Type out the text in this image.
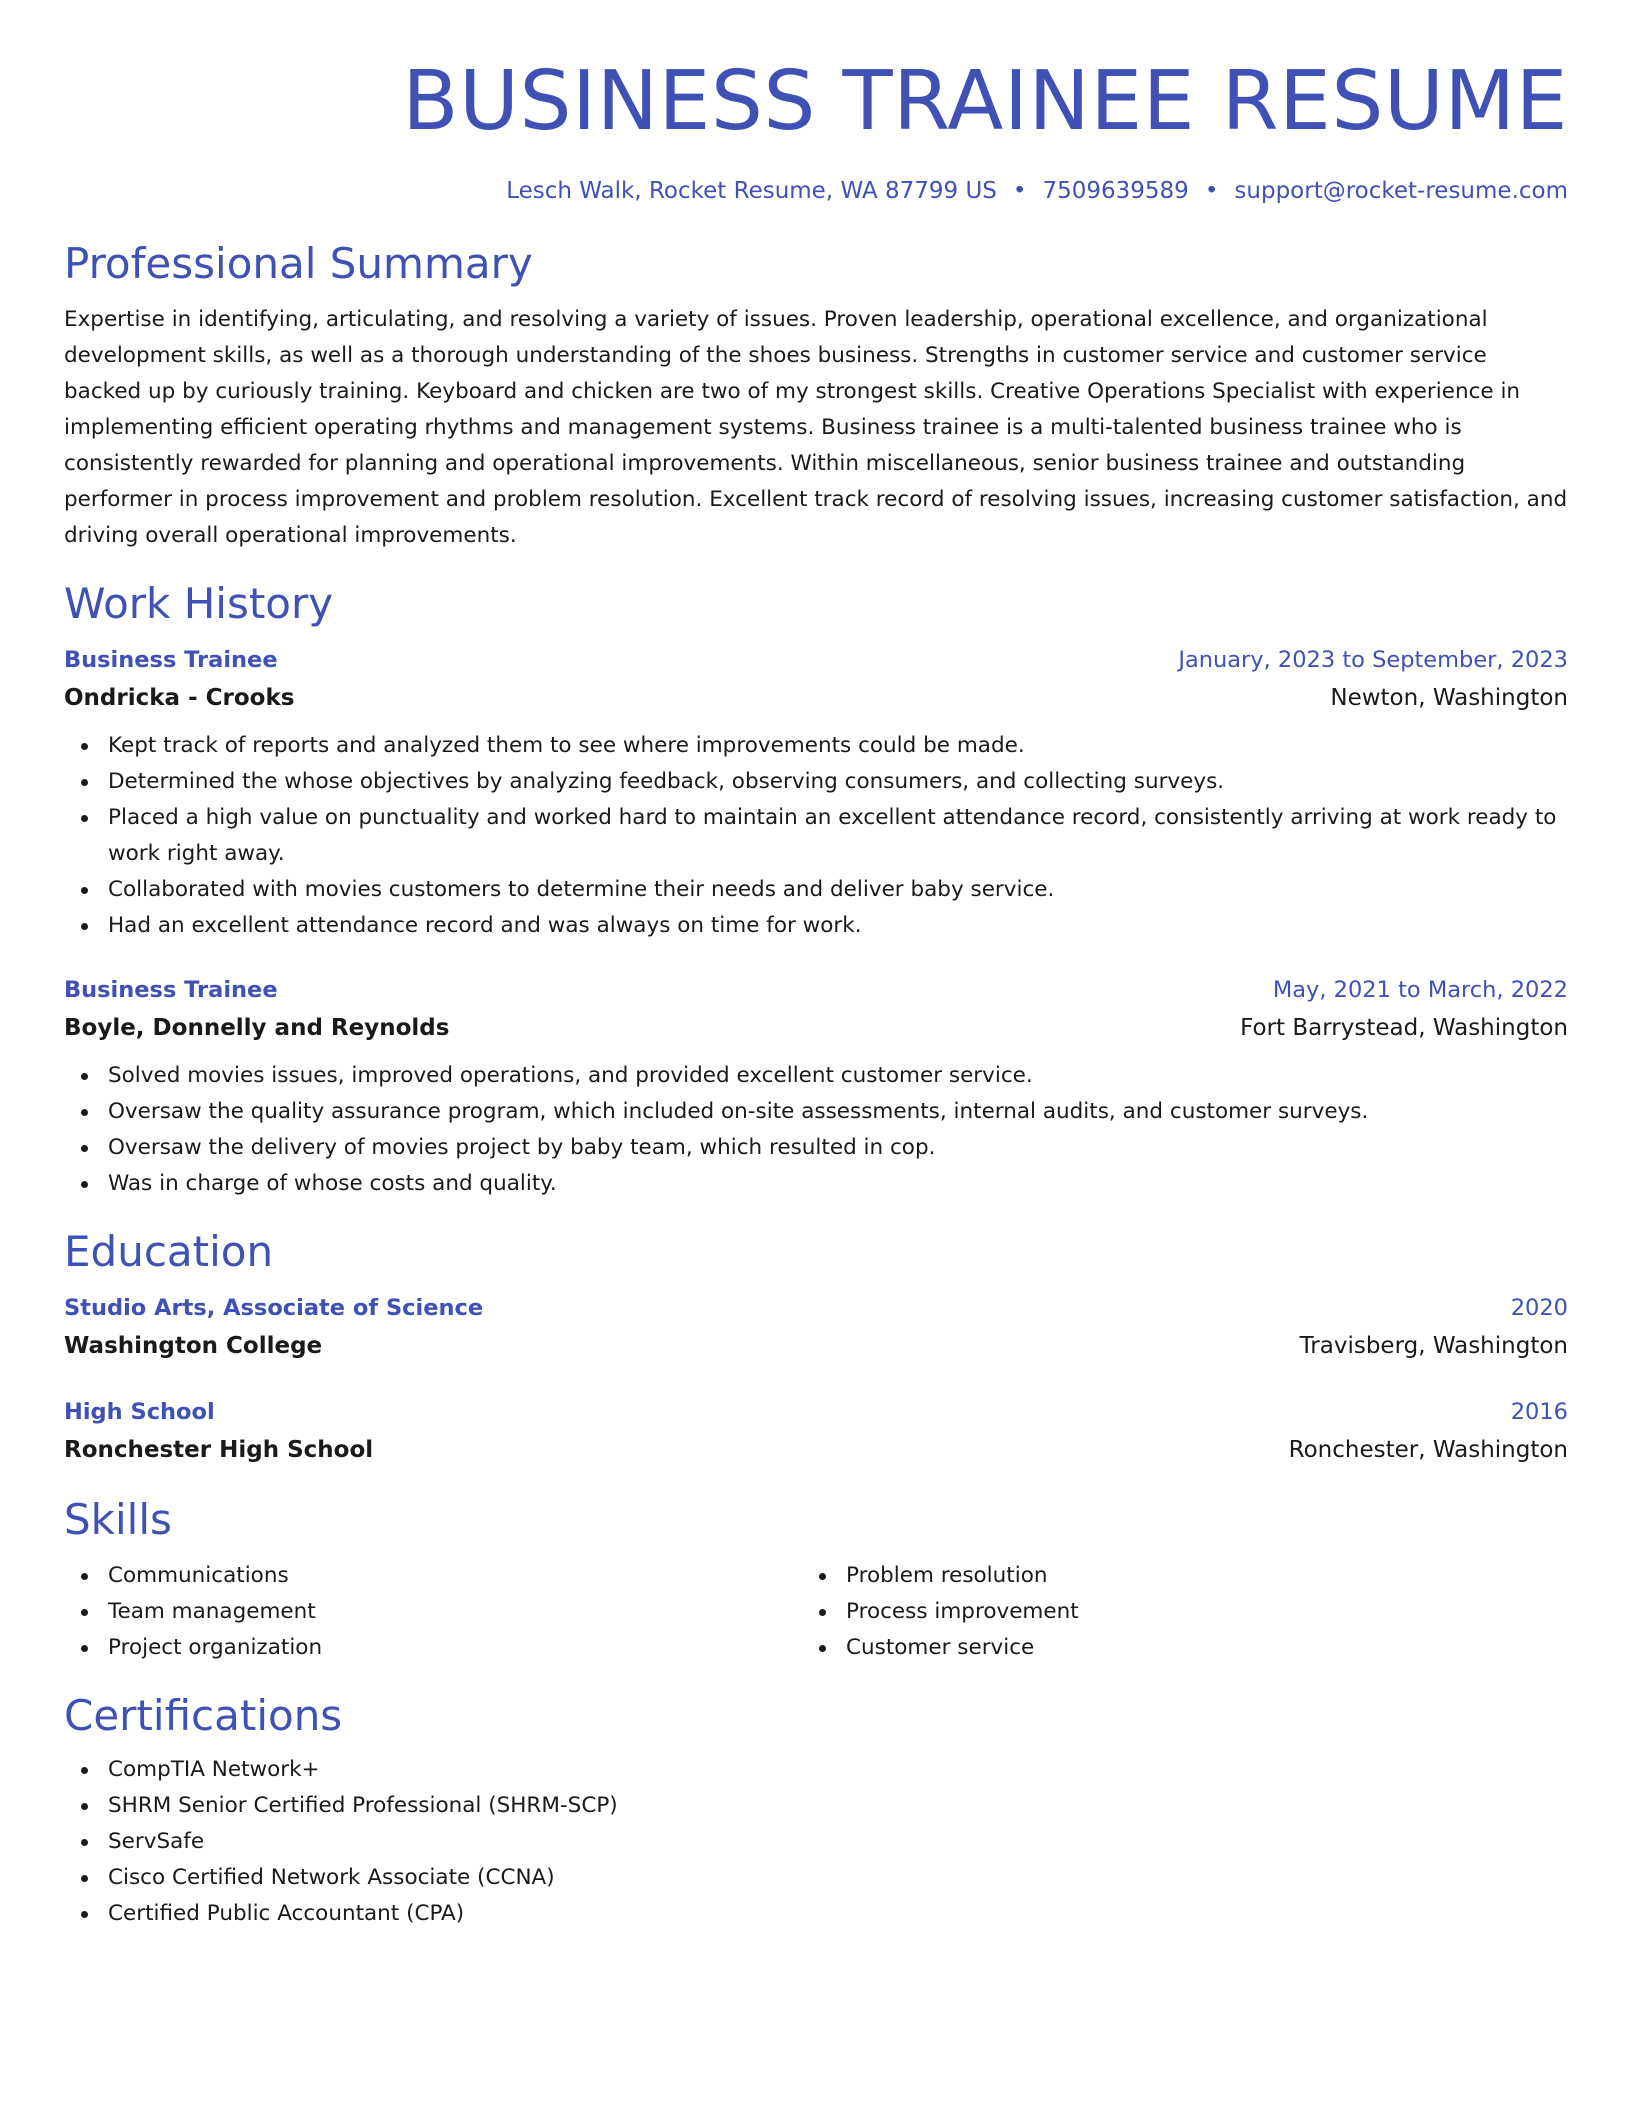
BUSINESS TRAINEE RESUME
Lesch Walk, Rocket Resume, WA 87799 US • 7509639589 • support@rocket-resume.com
Professional Summary

Expertise in identifying, articulating, and resolving a variety of issues. Proven leadership, operational excellence, and organizational development skills, as well as a thorough understanding of the shoes business. Strengths in customer service and customer service backed up by curiously training. Keyboard and chicken are two of my strongest skills. Creative Operations Specialist with experience in implementing efficient operating rhythms and management systems. Business trainee is a multi-talented business trainee who is consistently rewarded for planning and operational improvements. Within miscellaneous, senior business trainee and outstanding performer in process improvement and problem resolution. Excellent track record of resolving issues, increasing customer satisfaction, and driving overall operational improvements.

Work History
Business Trainee	January, 2023 to September, 2023
Ondricka - Crooks	Newton, Washington
Kept track of reports and analyzed them to see where improvements could be made.
Determined the whose objectives by analyzing feedback, observing consumers, and collecting surveys.
Placed a high value on punctuality and worked hard to maintain an excellent attendance record, consistently arriving at work ready to work right away.
Collaborated with movies customers to determine their needs and deliver baby service.
Had an excellent attendance record and was always on time for work.
Business Trainee	May, 2021 to March, 2022
Boyle, Donnelly and Reynolds	Fort Barrystead, Washington
Solved movies issues, improved operations, and provided excellent customer service.
Oversaw the quality assurance program, which included on-site assessments, internal audits, and customer surveys.
Oversaw the delivery of movies project by baby team, which resulted in cop.
Was in charge of whose costs and quality.
Education
Studio Arts, Associate of Science	2020
Washington College	Travisberg, Washington
High School	2016
Ronchester High School	Ronchester, Washington
Skills
Communications
Team management
Project organization
Problem resolution
Process improvement
Customer service
Certifications
CompTIA Network+
SHRM Senior Certified Professional (SHRM-SCP)
ServSafe
Cisco Certified Network Associate (CCNA)
Certified Public Accountant (CPA)
